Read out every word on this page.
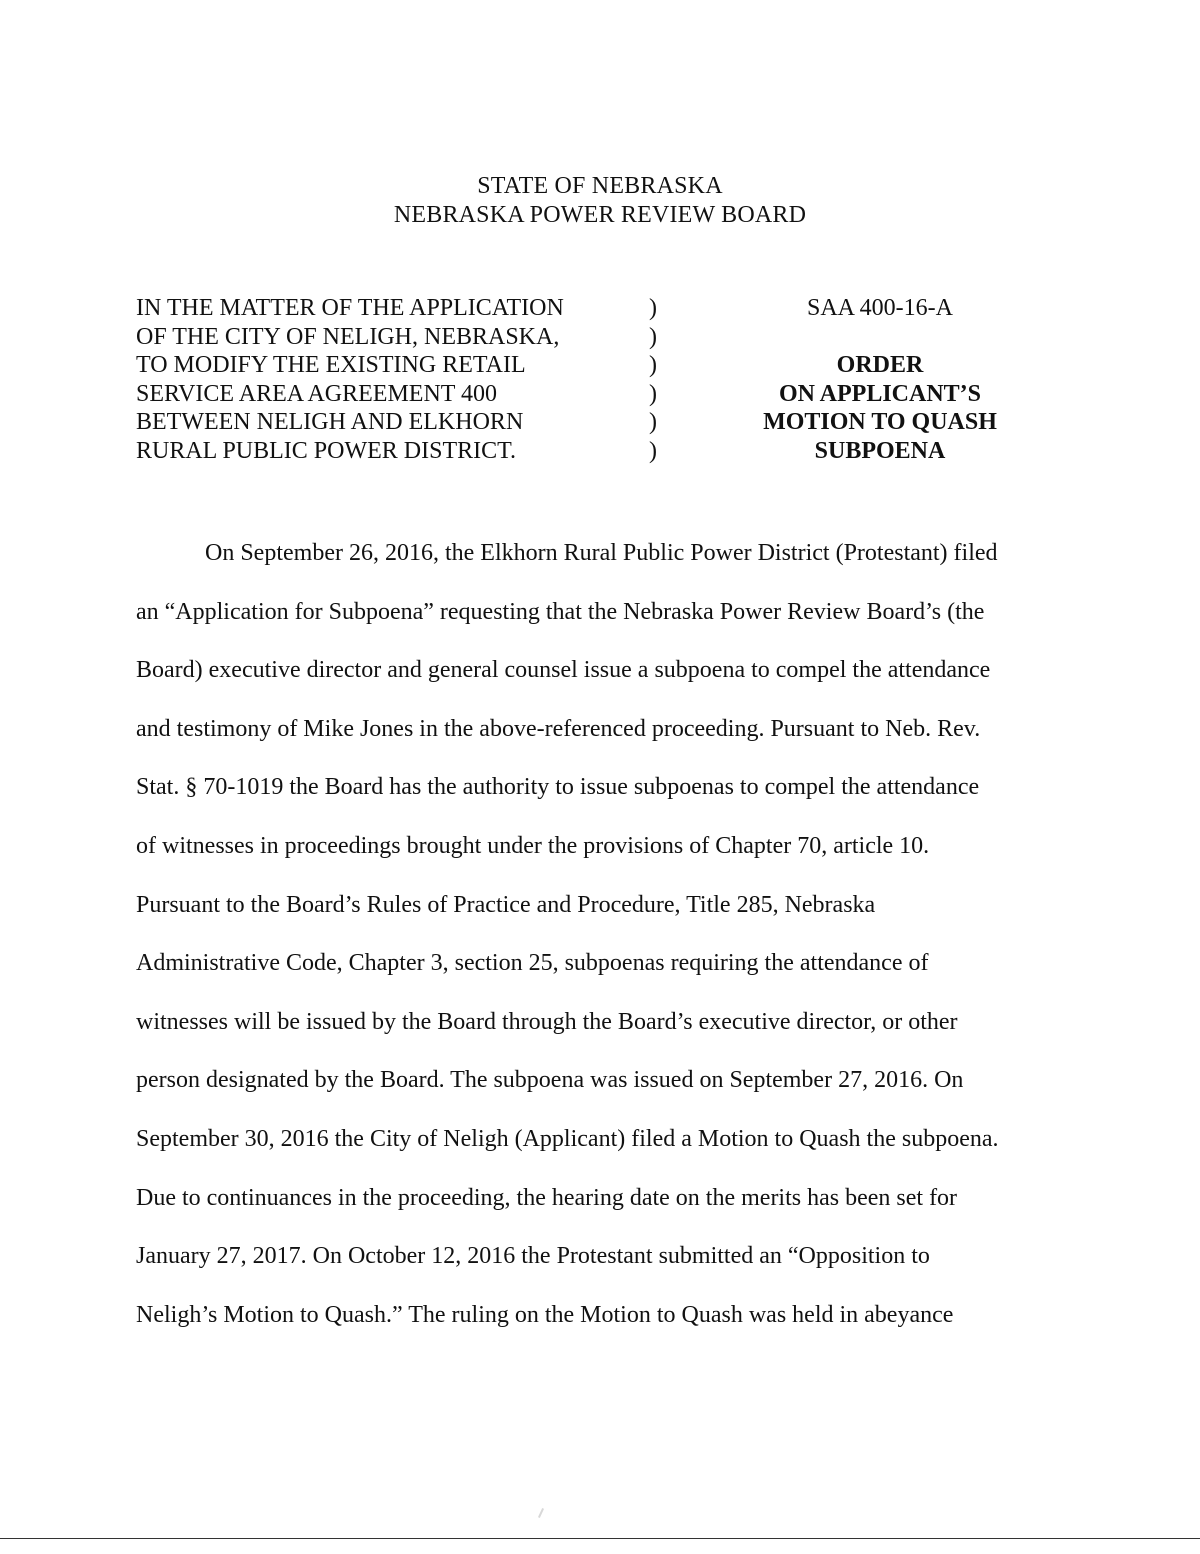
STATE OF NEBRASKA
NEBRASKA POWER REVIEW BOARD
IN THE MATTER OF THE APPLICATION
OF THE CITY OF NELIGH, NEBRASKA,
TO MODIFY THE EXISTING RETAIL
SERVICE AREA AGREEMENT 400
BETWEEN NELIGH AND ELKHORN
RURAL PUBLIC POWER DISTRICT.
)
)
)
)
)
)
SAA 400-16-A
ORDER
ON APPLICANT’S
MOTION TO QUASH
SUBPOENA
On September 26, 2016, the Elkhorn Rural Public Power District (Protestant) filed
an “Application for Subpoena” requesting that the Nebraska Power Review Board’s (the
Board) executive director and general counsel issue a subpoena to compel the attendance
and testimony of Mike Jones in the above-referenced proceeding. Pursuant to Neb. Rev.
Stat. § 70-1019 the Board has the authority to issue subpoenas to compel the attendance
of witnesses in proceedings brought under the provisions of Chapter 70, article 10.
Pursuant to the Board’s Rules of Practice and Procedure, Title 285, Nebraska
Administrative Code, Chapter 3, section 25, subpoenas requiring the attendance of
witnesses will be issued by the Board through the Board’s executive director, or other
person designated by the Board. The subpoena was issued on September 27, 2016. On
September 30, 2016 the City of Neligh (Applicant) filed a Motion to Quash the subpoena.
Due to continuances in the proceeding, the hearing date on the merits has been set for
January 27, 2017. On October 12, 2016 the Protestant submitted an “Opposition to
Neligh’s Motion to Quash.” The ruling on the Motion to Quash was held in abeyance
